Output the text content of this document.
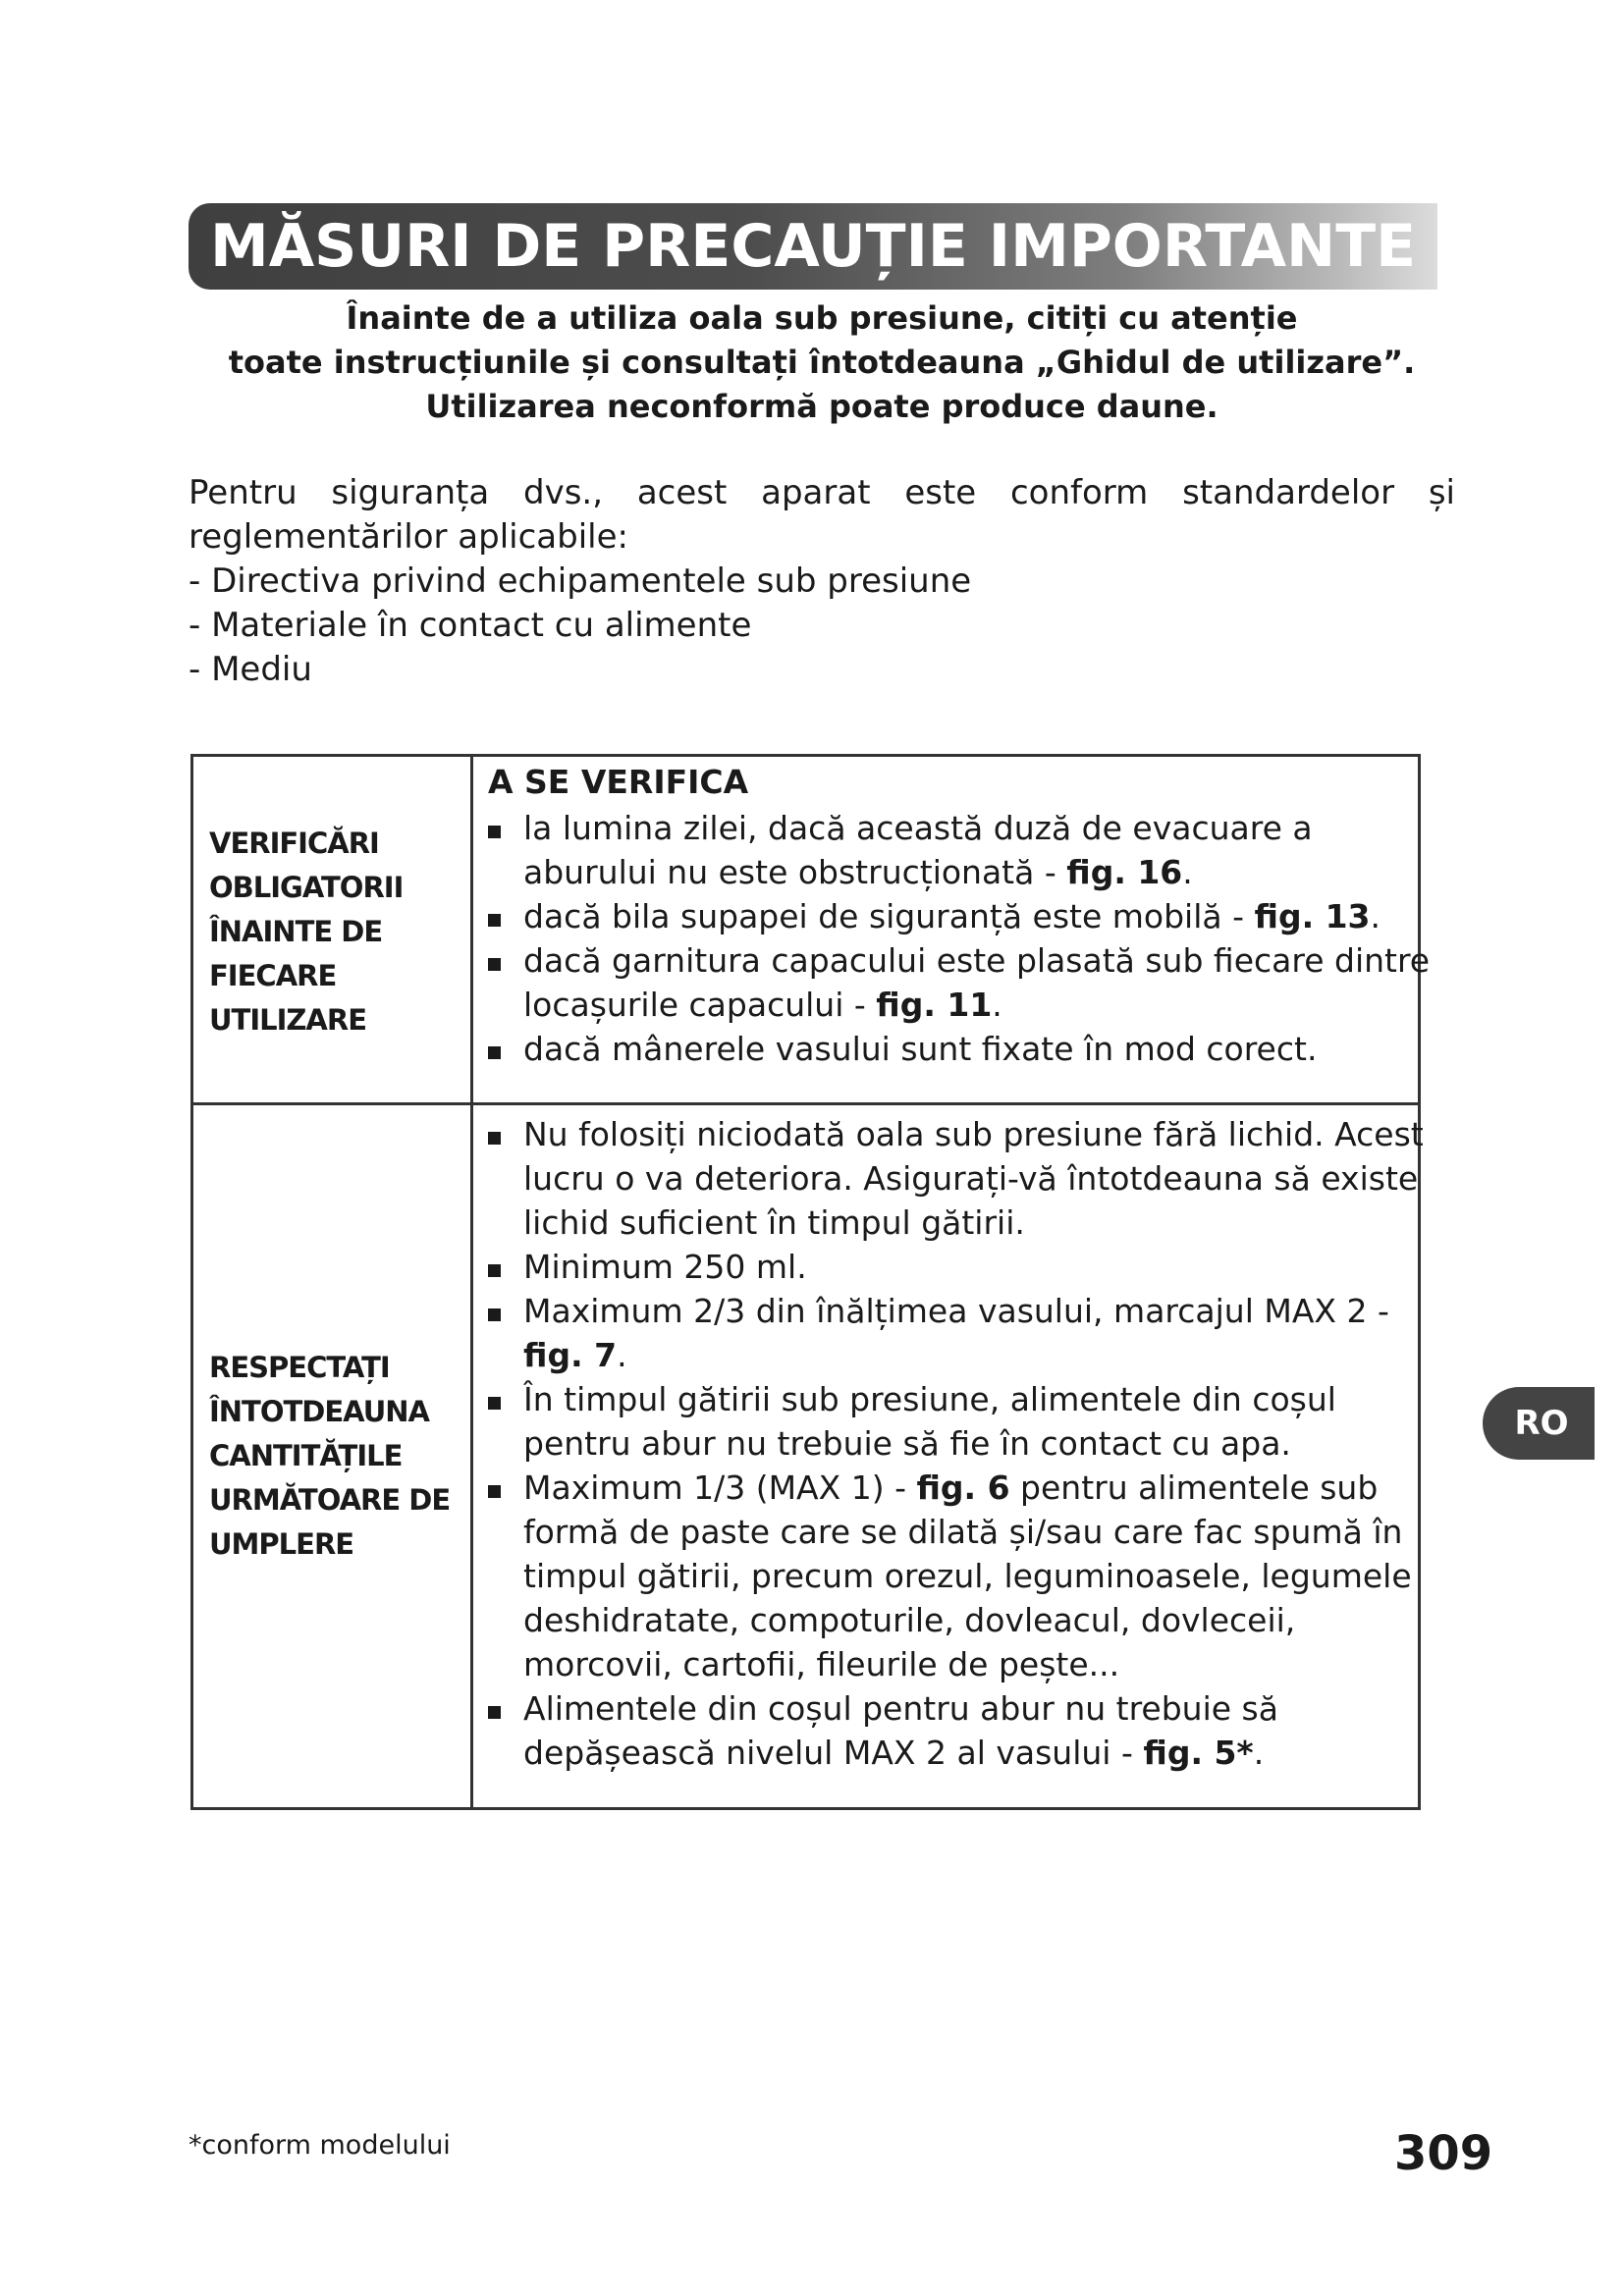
MĂSURI DE PRECAUȚIE IMPORTANTE
Înainte de a utiliza oala sub presiune, citiți cu atenție
toate instrucțiunile și consultați întotdeauna „Ghidul de utilizare”.
Utilizarea neconformă poate produce daune.
Pentru siguranța dvs., acest aparat este conform standardelor și
reglementărilor aplicabile:
- Directiva privind echipamentele sub presiune
- Materiale în contact cu alimente
- Mediu
VERIFICĂRI
OBLIGATORII
ÎNAINTE DE
FIECARE
UTILIZARE
A SE VERIFICA
la lumina zilei, dacă această duză de evacuare a aburului nu este obstrucționată - fig. 16.
dacă bila supapei de siguranță este mobilă - fig. 13.
dacă garnitura capacului este plasată sub fiecare dintre locașurile capacului - fig. 11.
dacă mânerele vasului sunt fixate în mod corect.
RESPECTAȚI
ÎNTOTDEAUNA
CANTITĂȚILE
URMĂTOARE DE
UMPLERE
Nu folosiți niciodată oala sub presiune fără lichid. Acest lucru o va deteriora. Asigurați-vă întotdeauna să existe lichid suficient în timpul gătirii.
Minimum 250 ml.
Maximum 2/3 din înălțimea vasului, marcajul MAX 2 - fig. 7.
În timpul gătirii sub presiune, alimentele din coșul pentru abur nu trebuie să fie în contact cu apa.
Maximum 1/3 (MAX 1) - fig. 6 pentru alimentele sub formă de paste care se dilată și/sau care fac spumă în timpul gătirii, precum orezul, leguminoasele, legumele deshidratate, compoturile, dovleacul, dovleceii, morcovii, cartofii, fileurile de pește...
Alimentele din coșul pentru abur nu trebuie să depășească nivelul MAX 2 al vasului - fig. 5*.
RO
*conform modelului	309
